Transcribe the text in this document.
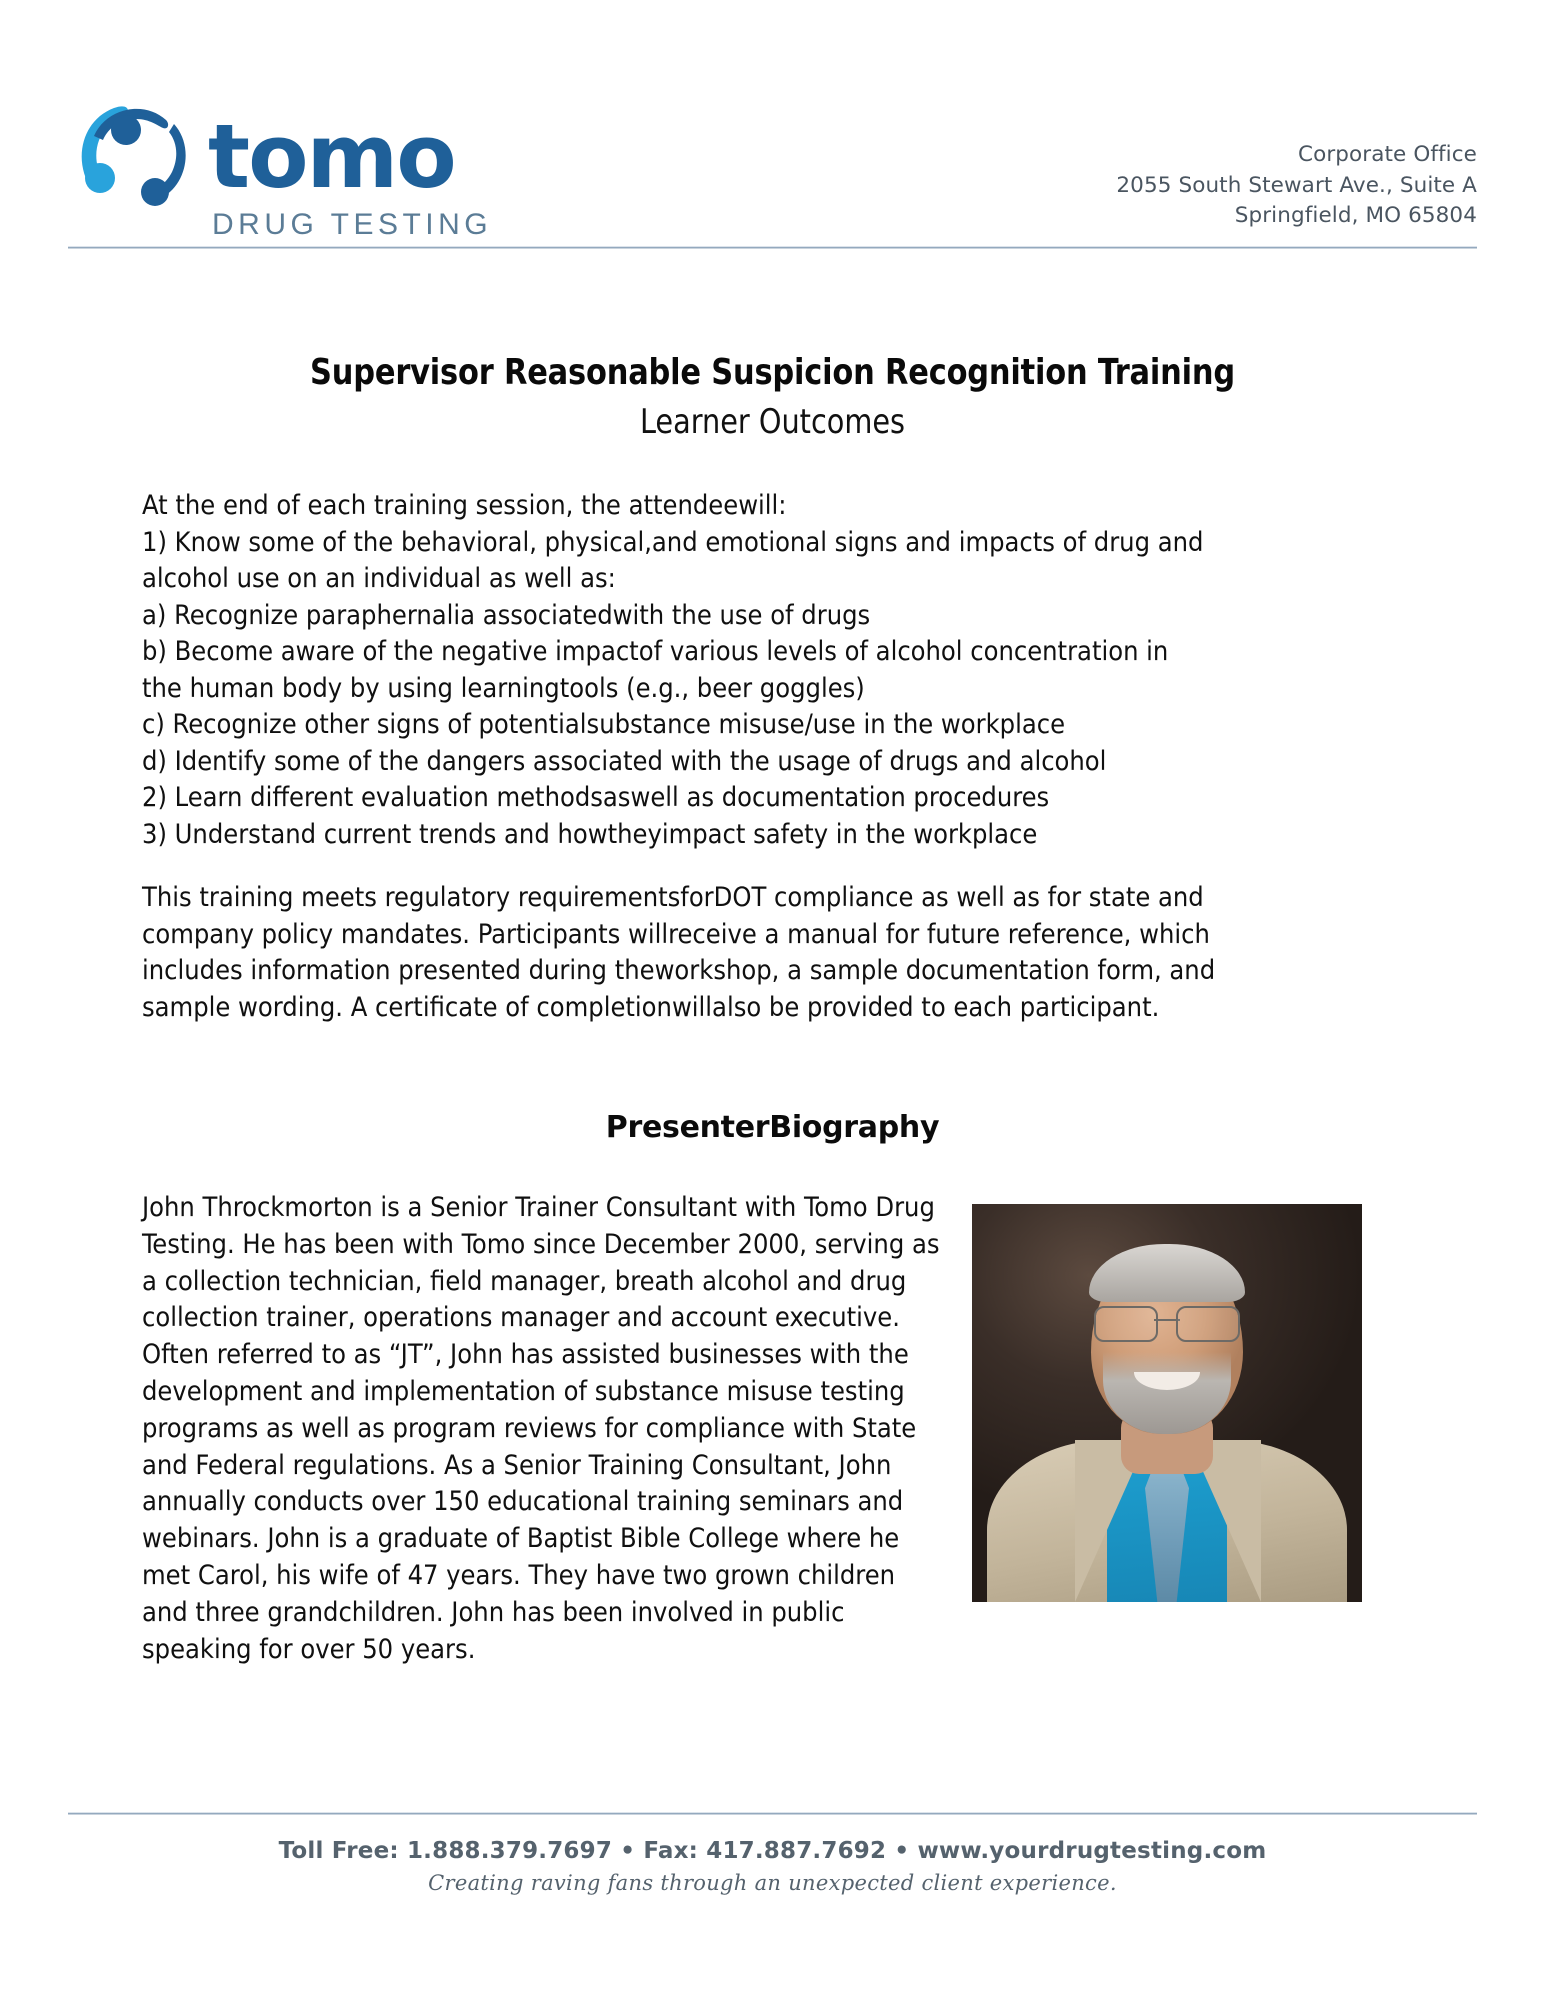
tomo
DRUG TESTING
Corporate Office
2055 South Stewart Ave., Suite A
Springfield, MO 65804
Supervisor Reasonable Suspicion Recognition Training
Learner Outcomes

At the end of each training session, the attendeewill:

1) Know some of the behavioral, physical,and emotional signs and impacts of drug and

alcohol use on an individual as well as:

a) Recognize paraphernalia associatedwith the use of drugs

b) Become aware of the negative impactof various levels of alcohol concentration in

the human body by using learningtools (e.g., beer goggles)

c) Recognize other signs of potentialsubstance misuse/use in the workplace

d) Identify some of the dangers associated with the usage of drugs and alcohol

2) Learn different evaluation methodsaswell as documentation procedures

3) Understand current trends and howtheyimpact safety in the workplace

This training meets regulatory requirementsforDOT compliance as well as for state and company policy mandates. Participants willreceive a manual for future reference, which includes information presented during theworkshop, a sample documentation form, and sample wording. A certificate of completionwillalso be provided to each participant.
PresenterBiography

John Throckmorton is a Senior Trainer Consultant with Tomo Drug Testing. He has been with Tomo since December 2000, serving as a collection technician, field manager, breath alcohol and drug collection trainer, operations manager and account executive. Often referred to as “JT”, John has assisted businesses with the development and implementation of substance misuse testing programs as well as program reviews for compliance with State and Federal regulations. As a Senior Training Consultant, John annually conducts over 150 educational training seminars and webinars. John is a graduate of Baptist Bible College where he met Carol, his wife of 47 years. They have two grown children and three grandchildren. John has been involved in public speaking for over 50 years.

Toll Free: 1.888.379.7697 • Fax: 417.887.7692 • www.yourdrugtesting.com
Creating raving fans through an unexpected client experience.
